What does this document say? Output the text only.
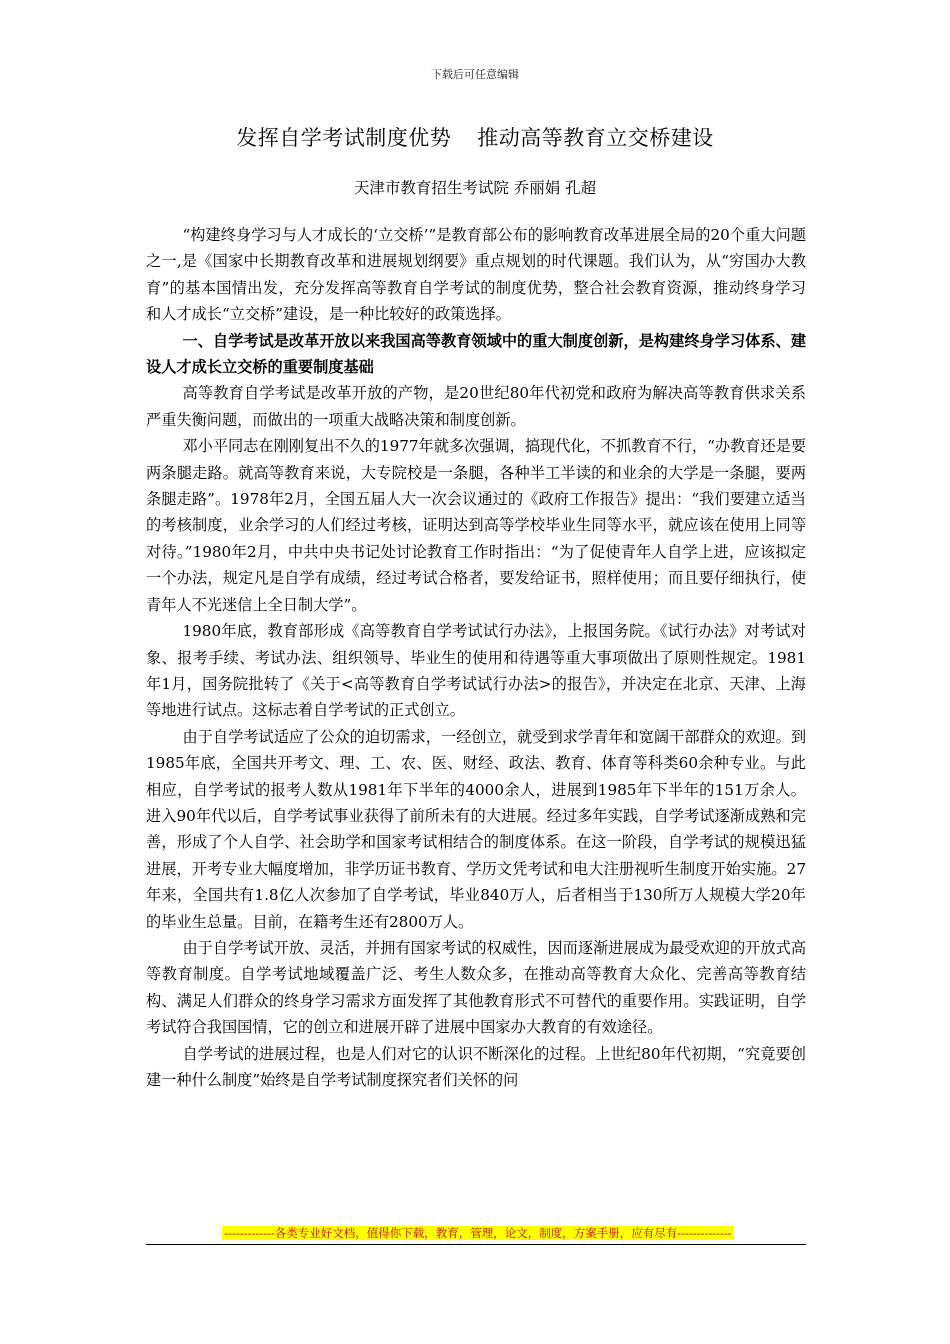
下载后可任意编辑
发挥自学考试制度优势 推动高等教育立交桥建设
天津市教育招生考试院 乔丽娟 孔超

“构建终身学习与人才成长的‘立交桥’”是教育部公布的影响教育改革进展全局的20个重大问题之一,是《国家中长期教育改革和进展规划纲要》重点规划的时代课题。我们认为，从“穷国办大教育”的基本国情出发，充分发挥高等教育自学考试的制度优势，整合社会教育资源，推动终身学习和人才成长“立交桥”建设，是一种比较好的政策选择。

一、自学考试是改革开放以来我国高等教育领域中的重大制度创新，是构建终身学习体系、建设人才成长立交桥的重要制度基础

高等教育自学考试是改革开放的产物，是20世纪80年代初党和政府为解决高等教育供求关系严重失衡问题，而做出的一项重大战略决策和制度创新。

邓小平同志在刚刚复出不久的1977年就多次强调，搞现代化，不抓教育不行，“办教育还是要两条腿走路。就高等教育来说，大专院校是一条腿，各种半工半读的和业余的大学是一条腿，要两条腿走路”。1978年2月，全国五届人大一次会议通过的《政府工作报告》提出：“我们要建立适当的考核制度，业余学习的人们经过考核，证明达到高等学校毕业生同等水平，就应该在使用上同等对待。”1980年2月，中共中央书记处讨论教育工作时指出：“为了促使青年人自学上进，应该拟定一个办法，规定凡是自学有成绩，经过考试合格者，要发给证书，照样使用；而且要仔细执行，使青年人不光迷信上全日制大学”。

1980年底，教育部形成《高等教育自学考试试行办法》，上报国务院。《试行办法》对考试对象、报考手续、考试办法、组织领导、毕业生的使用和待遇等重大事项做出了原则性规定。1981年1月，国务院批转了《关于<高等教育自学考试试行办法>的报告》，并决定在北京、天津、上海等地进行试点。这标志着自学考试的正式创立。

由于自学考试适应了公众的迫切需求，一经创立，就受到求学青年和宽阔干部群众的欢迎。到1985年底，全国共开考文、理、工、农、医、财经、政法、教育、体育等科类60余种专业。与此相应，自学考试的报考人数从1981年下半年的4000余人，进展到1985年下半年的151万余人。进入90年代以后，自学考试事业获得了前所未有的大进展。经过多年实践，自学考试逐渐成熟和完善，形成了个人自学、社会助学和国家考试相结合的制度体系。在这一阶段，自学考试的规模迅猛进展，开考专业大幅度增加，非学历证书教育、学历文凭考试和电大注册视听生制度开始实施。27年来，全国共有1.8亿人次参加了自学考试，毕业840万人，后者相当于130所万人规模大学20年的毕业生总量。目前，在籍考生还有2800万人。

由于自学考试开放、灵活，并拥有国家考试的权威性，因而逐渐进展成为最受欢迎的开放式高等教育制度。自学考试地域覆盖广泛、考生人数众多，在推动高等教育大众化、完善高等教育结构、满足人们群众的终身学习需求方面发挥了其他教育形式不可替代的重要作用。实践证明，自学考试符合我国国情，它的创立和进展开辟了进展中国家办大教育的有效途径。

自学考试的进展过程，也是人们对它的认识不断深化的过程。上世纪80年代初期，“究竟要创建一种什么制度”始终是自学考试制度探究者们关怀的问

-------------各类专业好文档，值得你下载，教育，管理，论文，制度，方案手册，应有尽有--------------
